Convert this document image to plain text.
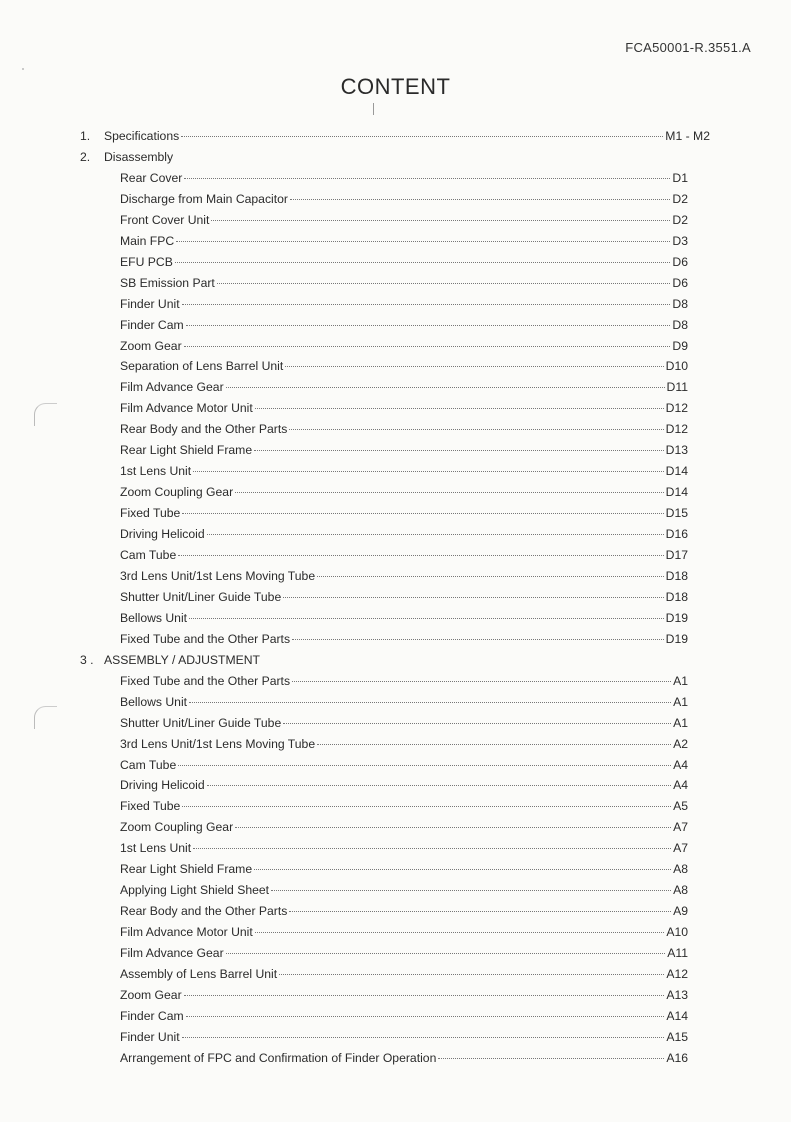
FCA50001-R.3551.A
CONTENT
1.	Specifications	M1 - M2
2.	Disassembly
Rear Cover	D1
Discharge from Main Capacitor	D2
Front Cover Unit	D2
Main FPC	D3
EFU PCB	D6
SB Emission Part	D6
Finder Unit	D8
Finder Cam	D8
Zoom Gear	D9
Separation of Lens Barrel Unit	D10
Film Advance Gear	D11
Film Advance Motor Unit	D12
Rear Body and the Other Parts	D12
Rear Light Shield Frame	D13
1st Lens Unit	D14
Zoom Coupling Gear	D14
Fixed Tube	D15
Driving Helicoid	D16
Cam Tube	D17
3rd Lens Unit/1st Lens Moving Tube	D18
Shutter Unit/Liner Guide Tube	D18
Bellows Unit	D19
Fixed Tube and the Other Parts	D19
3 . ASSEMBLY / ADJUSTMENT
Fixed Tube and the Other Parts	A1
Bellows Unit	A1
Shutter Unit/Liner Guide Tube	A1
3rd Lens Unit/1st Lens Moving Tube	A2
Cam Tube	A4
Driving Helicoid	A4
Fixed Tube	A5
Zoom Coupling Gear	A7
1st Lens Unit	A7
Rear Light Shield Frame	A8
Applying Light Shield Sheet	A8
Rear Body and the Other Parts	A9
Film Advance Motor Unit	A10
Film Advance Gear	A11
Assembly of Lens Barrel Unit	A12
Zoom Gear	A13
Finder Cam	A14
Finder Unit	A15
Arrangement of FPC and Confirmation of Finder Operation	A16
